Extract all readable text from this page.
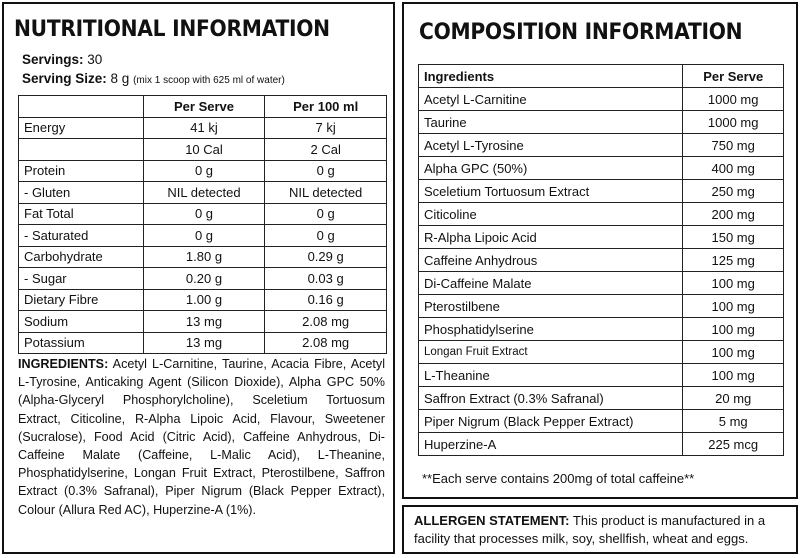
NUTRITIONAL INFORMATION
Servings: 30
Serving Size: 8 g (mix 1 scoop with 625 ml of water)
	Per Serve	Per 100 ml
Energy	41 kj	7 kj
	10 Cal	2 Cal
Protein	0 g	0 g
- Gluten	NIL detected	NIL detected
Fat Total	0 g	0 g
- Saturated	0 g	0 g
Carbohydrate	1.80 g	0.29 g
- Sugar	0.20 g	0.03 g
Dietary Fibre	1.00 g	0.16 g
Sodium	13 mg	2.08 mg
Potassium	13 mg	2.08 mg
INGREDIENTS: Acetyl L-Carnitine, Taurine, Acacia Fibre, Acetyl L-Tyrosine, Anticaking Agent (Silicon Dioxide), Alpha GPC 50% (Alpha-Glyceryl Phosphorylcholine), Sceletium Tortuosum Extract, Citicoline, R-Alpha Lipoic Acid, Flavour, Sweetener (Sucralose), Food Acid (Citric Acid), Caffeine Anhydrous, Di-Caffeine Malate (Caffeine, L-Malic Acid), L-Theanine, Phosphatidylserine, Longan Fruit Extract, Pterostilbene, Saffron Extract (0.3% Safranal), Piper Nigrum (Black Pepper Extract), Colour (Allura Red AC), Huperzine-A (1%).
COMPOSITION INFORMATION
Ingredients	Per Serve
Acetyl L-Carnitine	1000 mg
Taurine	1000 mg
Acetyl L-Tyrosine	750 mg
Alpha GPC (50%)	400 mg
Sceletium Tortuosum Extract	250 mg
Citicoline	200 mg
R-Alpha Lipoic Acid	150 mg
Caffeine Anhydrous	125 mg
Di-Caffeine Malate	100 mg
Pterostilbene	100 mg
Phosphatidylserine	100 mg
Longan Fruit Extract	100 mg
L-Theanine	100 mg
Saffron Extract (0.3% Safranal)	20 mg
Piper Nigrum (Black Pepper Extract)	5 mg
Huperzine-A	225 mcg
**Each serve contains 200mg of total caffeine**
ALLERGEN STATEMENT: This product is manufactured in a facility that processes milk, soy, shellfish, wheat and eggs.
